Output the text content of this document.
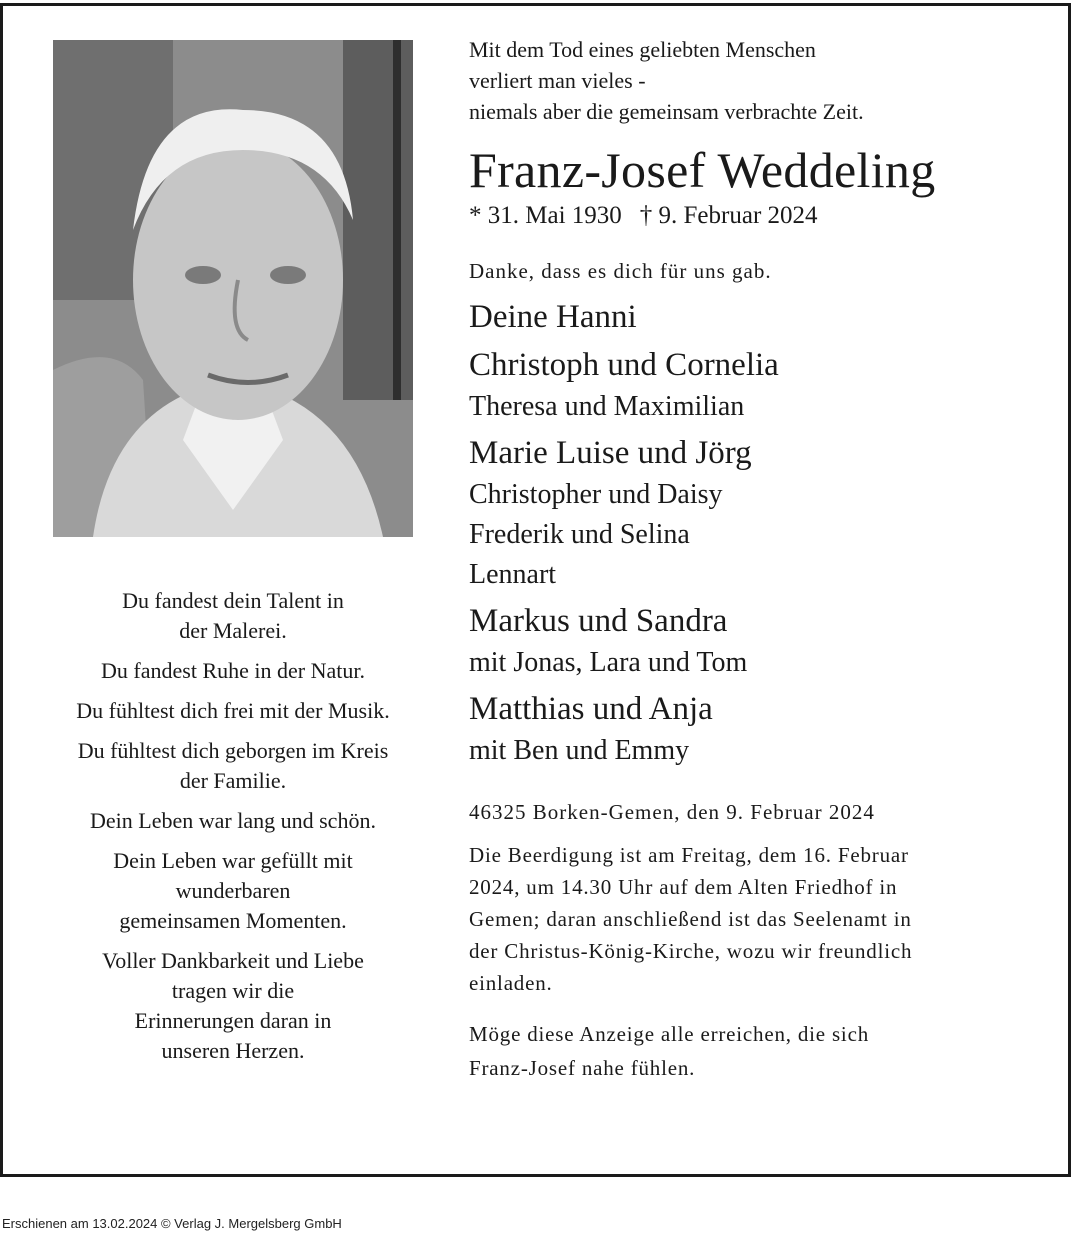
Du fandest dein Talent in
der Malerei.

Du fandest Ruhe in der Natur.

Du fühltest dich frei mit der Musik.

Du fühltest dich geborgen im Kreis
der Familie.

Dein Leben war lang und schön.

Dein Leben war gefüllt mit
wunderbaren
gemeinsamen Momenten.

Voller Dankbarkeit und Liebe
tragen wir die
Erinnerungen daran in
unseren Herzen.

Mit dem Tod eines geliebten Menschen
verliert man vieles -
niemals aber die gemeinsam verbrachte Zeit.
Franz-Josef Weddeling
* 31. Mai 1930 † 9. Februar 2024
Danke, dass es dich für uns gab.
Deine Hanni
Christoph und Cornelia
Theresa und Maximilian
Marie Luise und Jörg
Christopher und Daisy
Frederik und Selina
Lennart
Markus und Sandra
mit Jonas, Lara und Tom
Matthias und Anja
mit Ben und Emmy
46325 Borken-Gemen, den 9. Februar 2024
Die Beerdigung ist am Freitag, dem 16. Februar
2024, um 14.30 Uhr auf dem Alten Friedhof in
Gemen; daran anschließend ist das Seelenamt in
der Christus-König-Kirche, wozu wir freundlich
einladen.
Möge diese Anzeige alle erreichen, die sich
Franz-Josef nahe fühlen.
Erschienen am 13.02.2024 © Verlag J. Mergelsberg GmbH
